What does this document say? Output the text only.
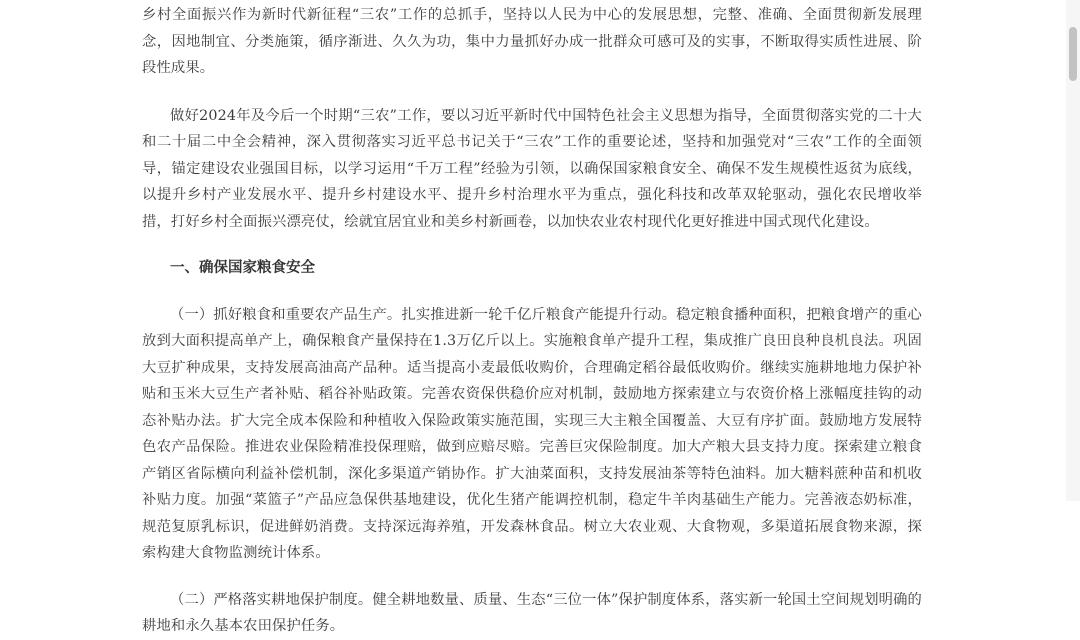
乡村全面振兴作为新时代新征程“三农”工作的总抓手，坚持以人民为中心的发展思想，完整、准确、全面贯彻新发展理念，因地制宜、分类施策，循序渐进、久久为功，集中力量抓好办成一批群众可感可及的实事，不断取得实质性进展、阶段性成果。

做好2024年及今后一个时期“三农”工作，要以习近平新时代中国特色社会主义思想为指导，全面贯彻落实党的二十大和二十届二中全会精神，深入贯彻落实习近平总书记关于“三农”工作的重要论述，坚持和加强党对“三农”工作的全面领导，锚定建设农业强国目标，以学习运用“千万工程”经验为引领，以确保国家粮食安全、确保不发生规模性返贫为底线，以提升乡村产业发展水平、提升乡村建设水平、提升乡村治理水平为重点，强化科技和改革双轮驱动，强化农民增收举措，打好乡村全面振兴漂亮仗，绘就宜居宜业和美乡村新画卷，以加快农业农村现代化更好推进中国式现代化建设。

一、确保国家粮食安全

（一）抓好粮食和重要农产品生产。扎实推进新一轮千亿斤粮食产能提升行动。稳定粮食播种面积，把粮食增产的重心放到大面积提高单产上，确保粮食产量保持在1.3万亿斤以上。实施粮食单产提升工程，集成推广良田良种良机良法。巩固大豆扩种成果，支持发展高油高产品种。适当提高小麦最低收购价，合理确定稻谷最低收购价。继续实施耕地地力保护补贴和玉米大豆生产者补贴、稻谷补贴政策。完善农资保供稳价应对机制，鼓励地方探索建立与农资价格上涨幅度挂钩的动态补贴办法。扩大完全成本保险和种植收入保险政策实施范围，实现三大主粮全国覆盖、大豆有序扩面。鼓励地方发展特色农产品保险。推进农业保险精准投保理赔，做到应赔尽赔。完善巨灾保险制度。加大产粮大县支持力度。探索建立粮食产销区省际横向利益补偿机制，深化多渠道产销协作。扩大油菜面积，支持发展油茶等特色油料。加大糖料蔗种苗和机收补贴力度。加强“菜篮子”产品应急保供基地建设，优化生猪产能调控机制，稳定牛羊肉基础生产能力。完善液态奶标准，规范复原乳标识，促进鲜奶消费。支持深远海养殖，开发森林食品。树立大农业观、大食物观，多渠道拓展食物来源，探索构建大食物监测统计体系。

（二）严格落实耕地保护制度。健全耕地数量、质量、生态“三位一体”保护制度体系，落实新一轮国土空间规划明确的耕地和永久基本农田保护任务。
